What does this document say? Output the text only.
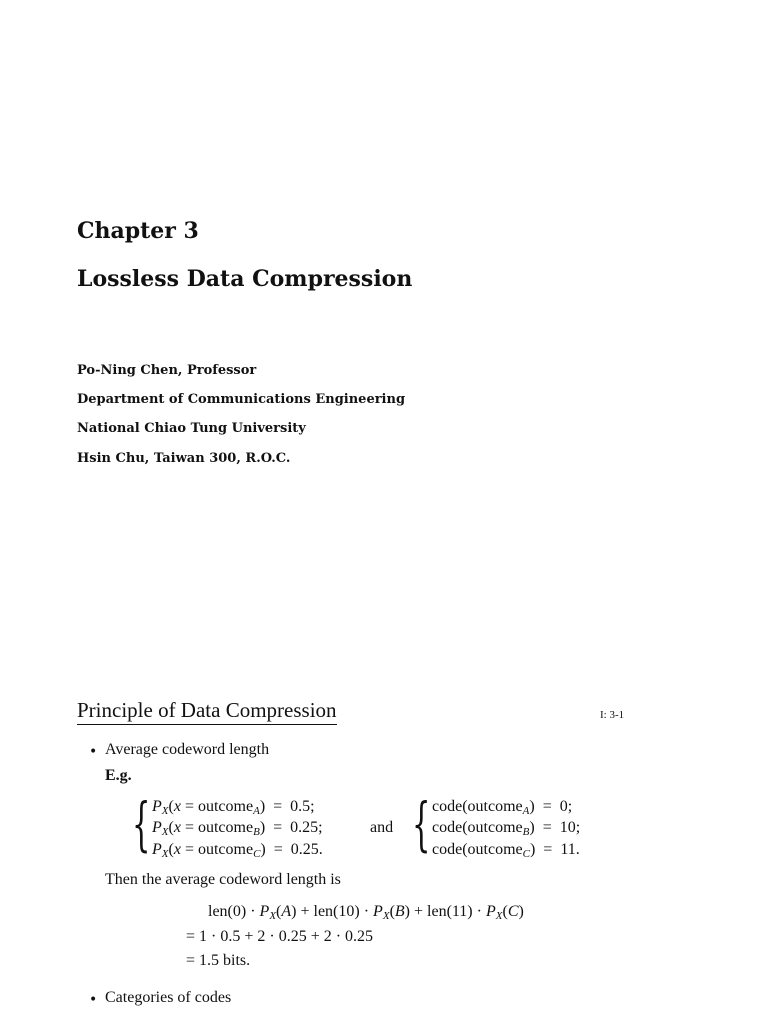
Chapter 3
Lossless Data Compression
Po-Ning Chen, Professor
Department of Communications Engineering
National Chiao Tung University
Hsin Chu, Taiwan 300, R.O.C.
Principle of Data Compression	I: 3-1
• Average codeword length
E.g.
{ $P_X(x$ = outcome$_A$)  =  0.5;
$P_X(x$ = outcome$_B$)  =  0.25;
$P_X(x$ = outcome$_C$)  =  0.25.
and { code(outcome$_A$)  =  0;
code(outcome$_B$)  =  10;
code(outcome$_C$)  =  11.
Then the average codeword length is
$len(0) \cdot P_X(A) + len(10) \cdot P_X(B) + len(11) \cdot P_X(C)$
= 1 · 0.5 + 2 · 0.25 + 2 · 0.25
= 1.5 bits.
• Categories of codes
